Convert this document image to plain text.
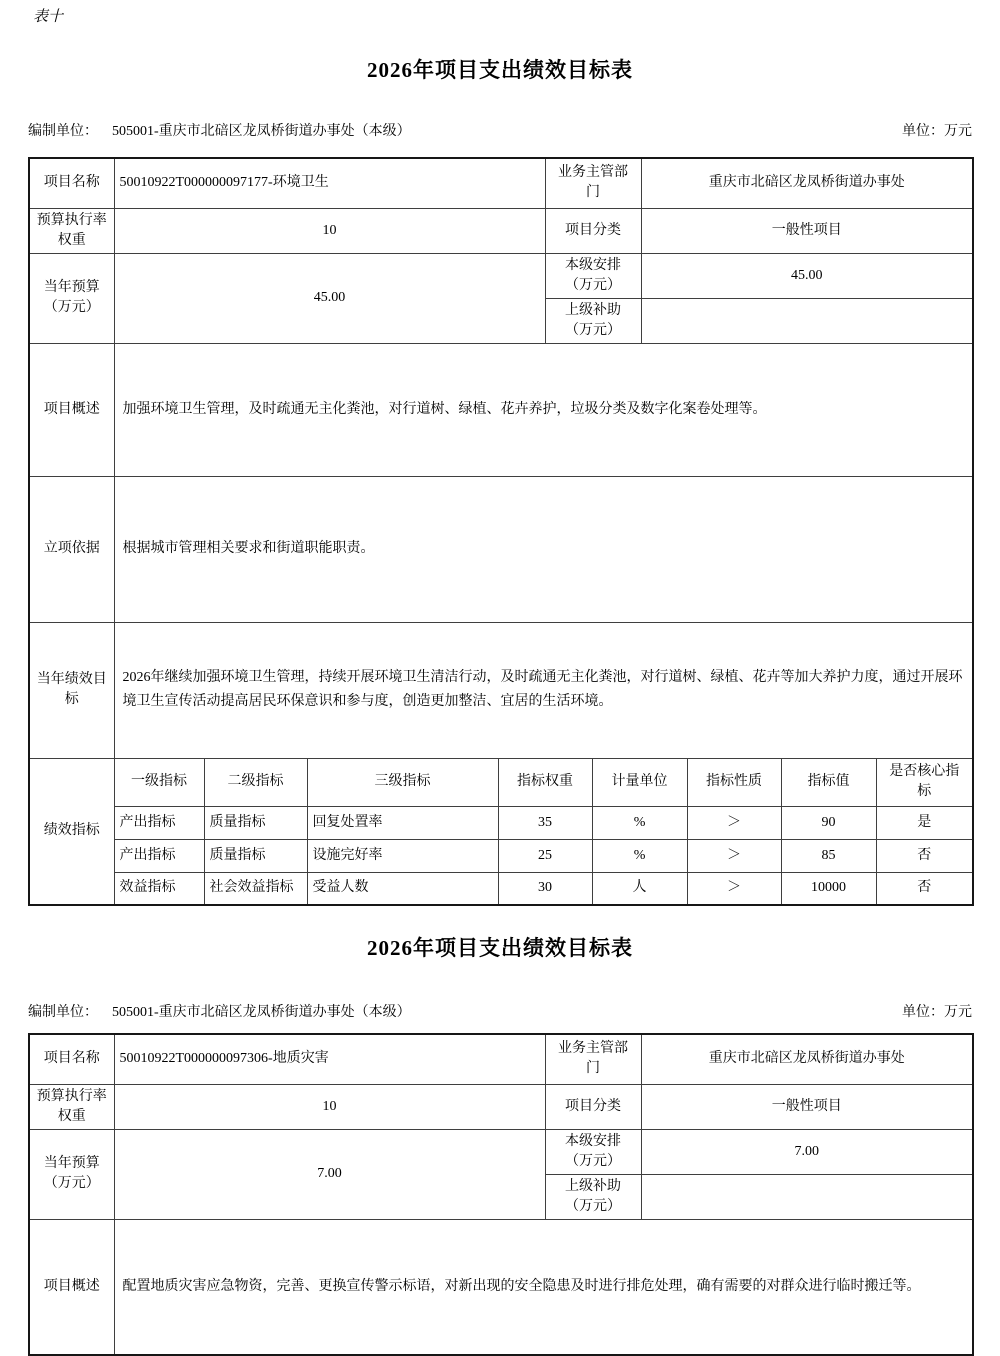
表十
2026年项目支出绩效目标表
编制单位： 505001-重庆市北碚区龙凤桥街道办事处（本级）	单位：万元
项目名称	50010922T000000097177-环境卫生				业务主管部门		重庆市北碚区龙凤桥街道办事处			
预算执行率权重	10				项目分类		一般性项目			
当年预算（万元）	45.00				本级安排（万元）		45.00			
					上级补助（万元）					
项目概述	加强环境卫生管理，及时疏通无主化粪池，对行道树、绿植、花卉养护，垃圾分类及数字化案卷处理等。									
立项依据	根据城市管理相关要求和街道职能职责。									
当年绩效目标	2026年继续加强环境卫生管理，持续开展环境卫生清洁行动，及时疏通无主化粪池，对行道树、绿植、花卉等加大养护力度，通过开展环境卫生宣传活动提高居民环保意识和参与度，创造更加整洁、宜居的生活环境。									
绩效指标	一级指标	二级指标	三级指标	指标权重		计量单位		指标性质	指标值	是否核心指标
	产出指标	质量指标	回复处置率	35		%		＞	90	是
	产出指标	质量指标	设施完好率	25		%		＞	85	否
	效益指标	社会效益指标	受益人数	30		人		＞	10000	否
2026年项目支出绩效目标表
编制单位： 505001-重庆市北碚区龙凤桥街道办事处（本级）	单位：万元
项目名称	50010922T000000097306-地质灾害	业务主管部门	重庆市北碚区龙凤桥街道办事处
预算执行率权重	10	项目分类	一般性项目
当年预算（万元）	7.00	本级安排（万元）	7.00
		上级补助（万元）	
项目概述	配置地质灾害应急物资，完善、更换宣传警示标语，对新出现的安全隐患及时进行排危处理，确有需要的对群众进行临时搬迁等。		
